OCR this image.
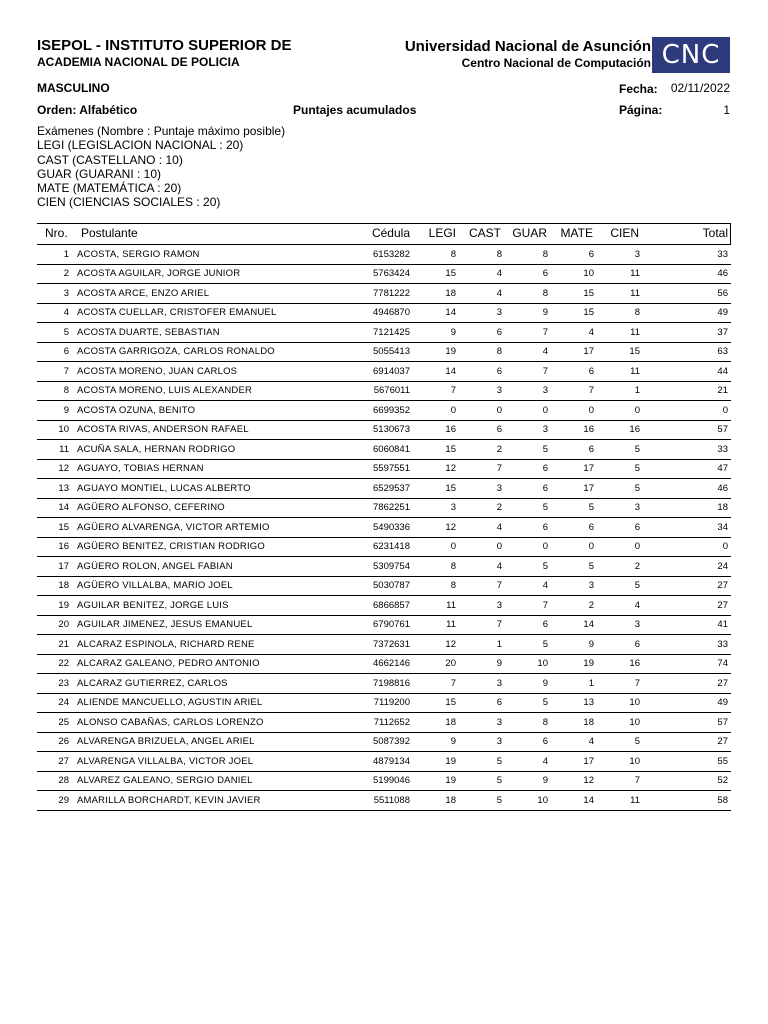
ISEPOL - INSTITUTO SUPERIOR DE
ACADEMIA NACIONAL DE POLICIA
Universidad Nacional de Asunción
Centro Nacional de Computación CNC
MASCULINO	Fecha: 02/11/2022
Orden: Alfabético	Puntajes acumulados	Página:	1
Exámenes (Nombre : Puntaje máximo posible)
LEGI (LEGISLACION NACIONAL : 20)
CAST (CASTELLANO : 10)
GUAR (GUARANI : 10)
MATE (MATEMÁTICA : 20)
CIEN (CIENCIAS SOCIALES : 20)
Nro. Postulante	Cédula LEGI CAST GUAR MATE CIEN	Total
1	ACOSTA, SERGIO RAMON	6153282	8	8	8	6	3	33
2	ACOSTA AGUILAR, JORGE JUNIOR	5763424	15	4	6	10	11	46
3	ACOSTA ARCE, ENZO ARIEL	7781222	18	4	8	15	11	56
4	ACOSTA CUELLAR, CRISTOFER EMANUEL	4946870	14	3	9	15	8	49
5	ACOSTA DUARTE, SEBASTIAN	7121425	9	6	7	4	11	37
6	ACOSTA GARRIGOZA, CARLOS RONALDO	5055413	19	8	4	17	15	63
7	ACOSTA MORENO, JUAN CARLOS	6914037	14	6	7	6	11	44
8	ACOSTA MORENO, LUIS ALEXANDER	5676011	7	3	3	7	1	21
9	ACOSTA OZUNA, BENITO	6699352	0	0	0	0	0	0
10	ACOSTA RIVAS, ANDERSON RAFAEL	5130673	16	6	3	16	16	57
11	ACUÑA SALA, HERNAN RODRIGO	6060841	15	2	5	6	5	33
12	AGUAYO, TOBIAS HERNAN	5597551	12	7	6	17	5	47
13	AGUAYO MONTIEL, LUCAS ALBERTO	6529537	15	3	6	17	5	46
14	AGÜERO ALFONSO, CEFERINO	7862251	3	2	5	5	3	18
15	AGÜERO ALVARENGA, VICTOR ARTEMIO	5490336	12	4	6	6	6	34
16	AGÜERO BENITEZ, CRISTIAN RODRIGO	6231418	0	0	0	0	0	0
17	AGÜERO ROLON, ANGEL FABIAN	5309754	8	4	5	5	2	24
18	AGÜERO VILLALBA, MARIO JOEL	5030787	8	7	4	3	5	27
19	AGUILAR BENITEZ, JORGE LUIS	6866857	11	3	7	2	4	27
20	AGUILAR JIMENEZ, JESUS EMANUEL	6790761	11	7	6	14	3	41
21	ALCARAZ ESPINOLA, RICHARD RENE	7372631	12	1	5	9	6	33
22	ALCARAZ GALEANO, PEDRO ANTONIO	4662146	20	9	10	19	16	74
23	ALCARAZ GUTIERREZ, CARLOS	7198816	7	3	9	1	7	27
24	ALIENDE MANCUELLO, AGUSTIN ARIEL	7119200	15	6	5	13	10	49
25	ALONSO CABAÑAS, CARLOS LORENZO	7112652	18	3	8	18	10	57
26	ALVARENGA BRIZUELA, ANGEL ARIEL	5087392	9	3	6	4	5	27
27	ALVARENGA VILLALBA, VICTOR JOEL	4879134	19	5	4	17	10	55
28	ALVAREZ GALEANO, SERGIO DANIEL	5199046	19	5	9	12	7	52
29	AMARILLA BORCHARDT, KEVIN JAVIER	5511088	18	5	10	14	11	58
